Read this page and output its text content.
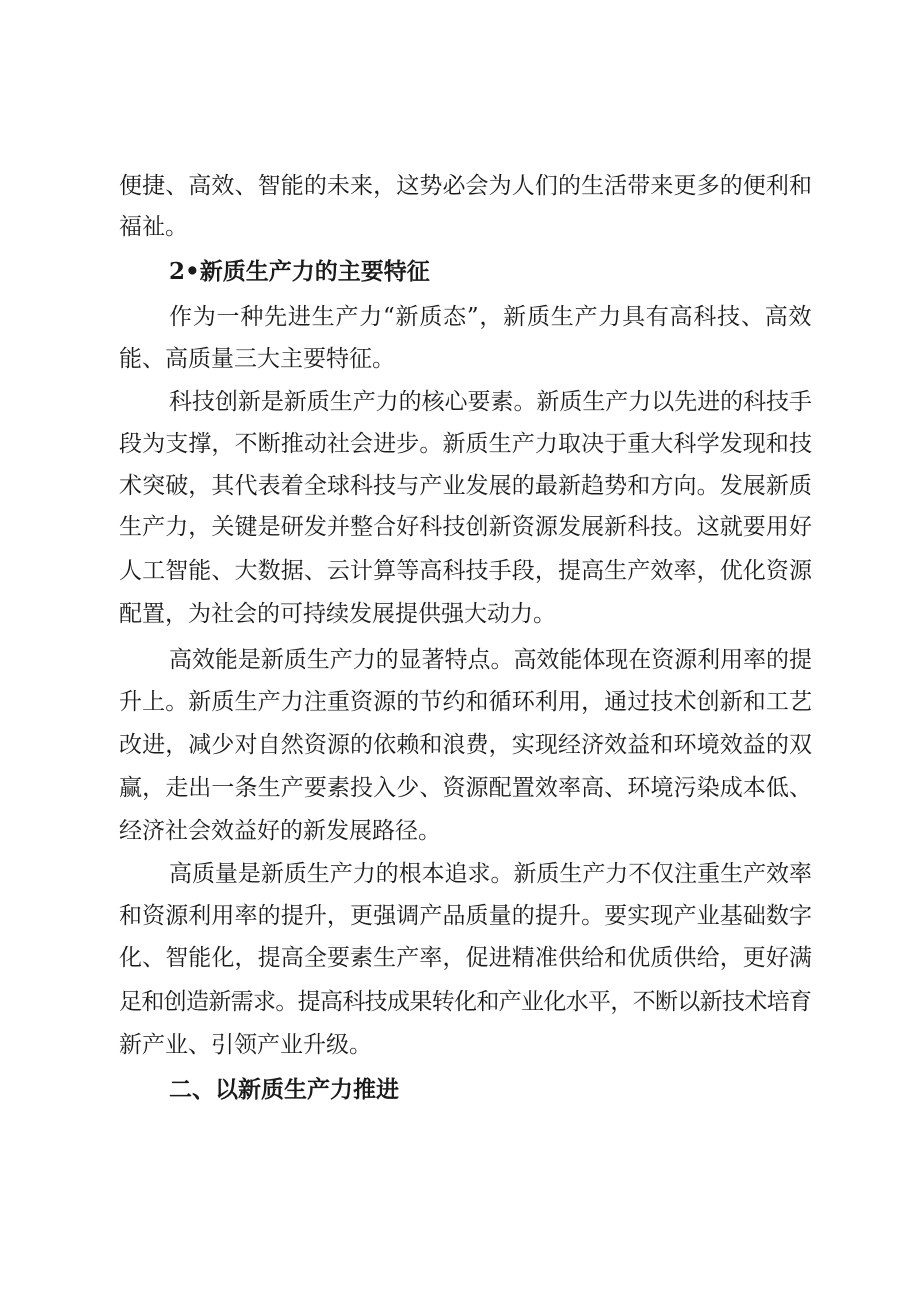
便捷、高效、智能的未来，这势必会为人们的生活带来更多的便利和
福祉。
2•新质生产力的主要特征
作为一种先进生产力“新质态”，新质生产力具有高科技、高效
能、高质量三大主要特征。
科技创新是新质生产力的核心要素。新质生产力以先进的科技手
段为支撑，不断推动社会进步。新质生产力取决于重大科学发现和技
术突破，其代表着全球科技与产业发展的最新趋势和方向。发展新质
生产力，关键是研发并整合好科技创新资源发展新科技。这就要用好
人工智能、大数据、云计算等高科技手段，提高生产效率，优化资源
配置，为社会的可持续发展提供强大动力。
高效能是新质生产力的显著特点。高效能体现在资源利用率的提
升上。新质生产力注重资源的节约和循环利用，通过技术创新和工艺
改进，减少对自然资源的依赖和浪费，实现经济效益和环境效益的双
赢，走出一条生产要素投入少、资源配置效率高、环境污染成本低、
经济社会效益好的新发展路径。
高质量是新质生产力的根本追求。新质生产力不仅注重生产效率
和资源利用率的提升，更强调产品质量的提升。要实现产业基础数字
化、智能化，提高全要素生产率，促进精准供给和优质供给，更好满
足和创造新需求。提高科技成果转化和产业化水平，不断以新技术培育
新产业、引领产业升级。
二、以新质生产力推进
